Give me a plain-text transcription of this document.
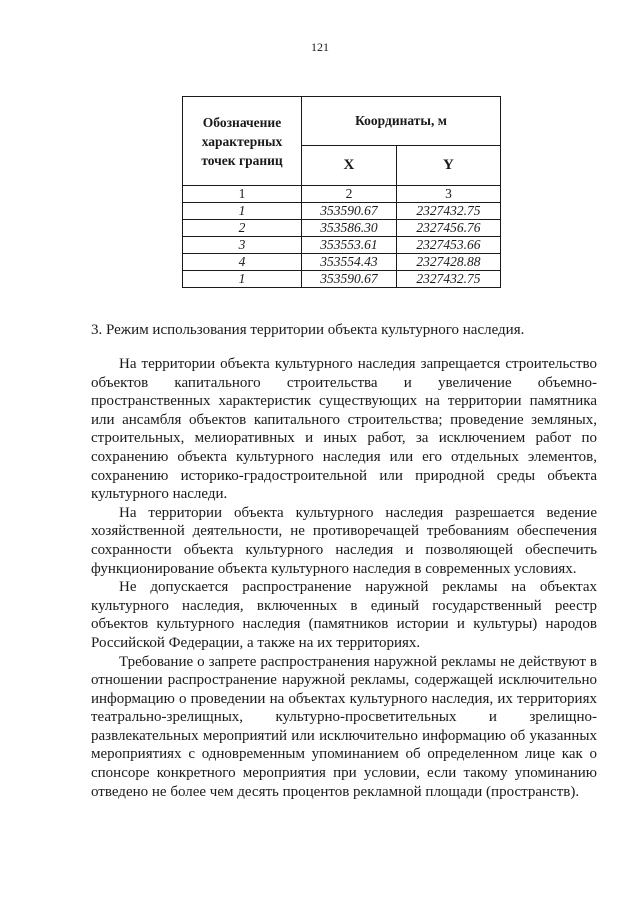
121
Обозначение характерных точек границ	Координаты, м	
	X	Y
1	2	3
1	353590.67	2327432.75
2	353586.30	2327456.76
3	353553.61	2327453.66
4	353554.43	2327428.88
1	353590.67	2327432.75
3. Режим использования территории объекта культурного наследия.

На территории объекта культурного наследия запрещается строительство объектов капитального строительства и увеличение объемно-пространственных характеристик существующих на территории памятника или ансамбля объектов капитального строительства; проведение земляных, строительных, мелиоративных и иных работ, за исключением работ по сохранению объекта культурного наследия или его отдельных элементов, сохранению историко-градостроительной или природной среды объекта культурного наследи.

На территории объекта культурного наследия разрешается ведение хозяйственной деятельности, не противоречащей требованиям обеспечения сохранности объекта культурного наследия и позволяющей обеспечить функционирование объекта культурного наследия в современных условиях.

Не допускается распространение наружной рекламы на объектах культурного наследия, включенных в единый государственный реестр объектов культурного наследия (памятников истории и культуры) народов Российской Федерации, а также на их территориях.

Требование о запрете распространения наружной рекламы не действуют в отношении распространение наружной рекламы, содержащей исключительно информацию о проведении на объектах культурного наследия, их территориях театрально-зрелищных, культурно-просветительных и зрелищно-развлекательных мероприятий или исключительно информацию об указанных мероприятиях с одновременным упоминанием об определенном лице как о спонсоре конкретного мероприятия при условии, если такому упоминанию отведено не более чем десять процентов рекламной площади (пространств).
